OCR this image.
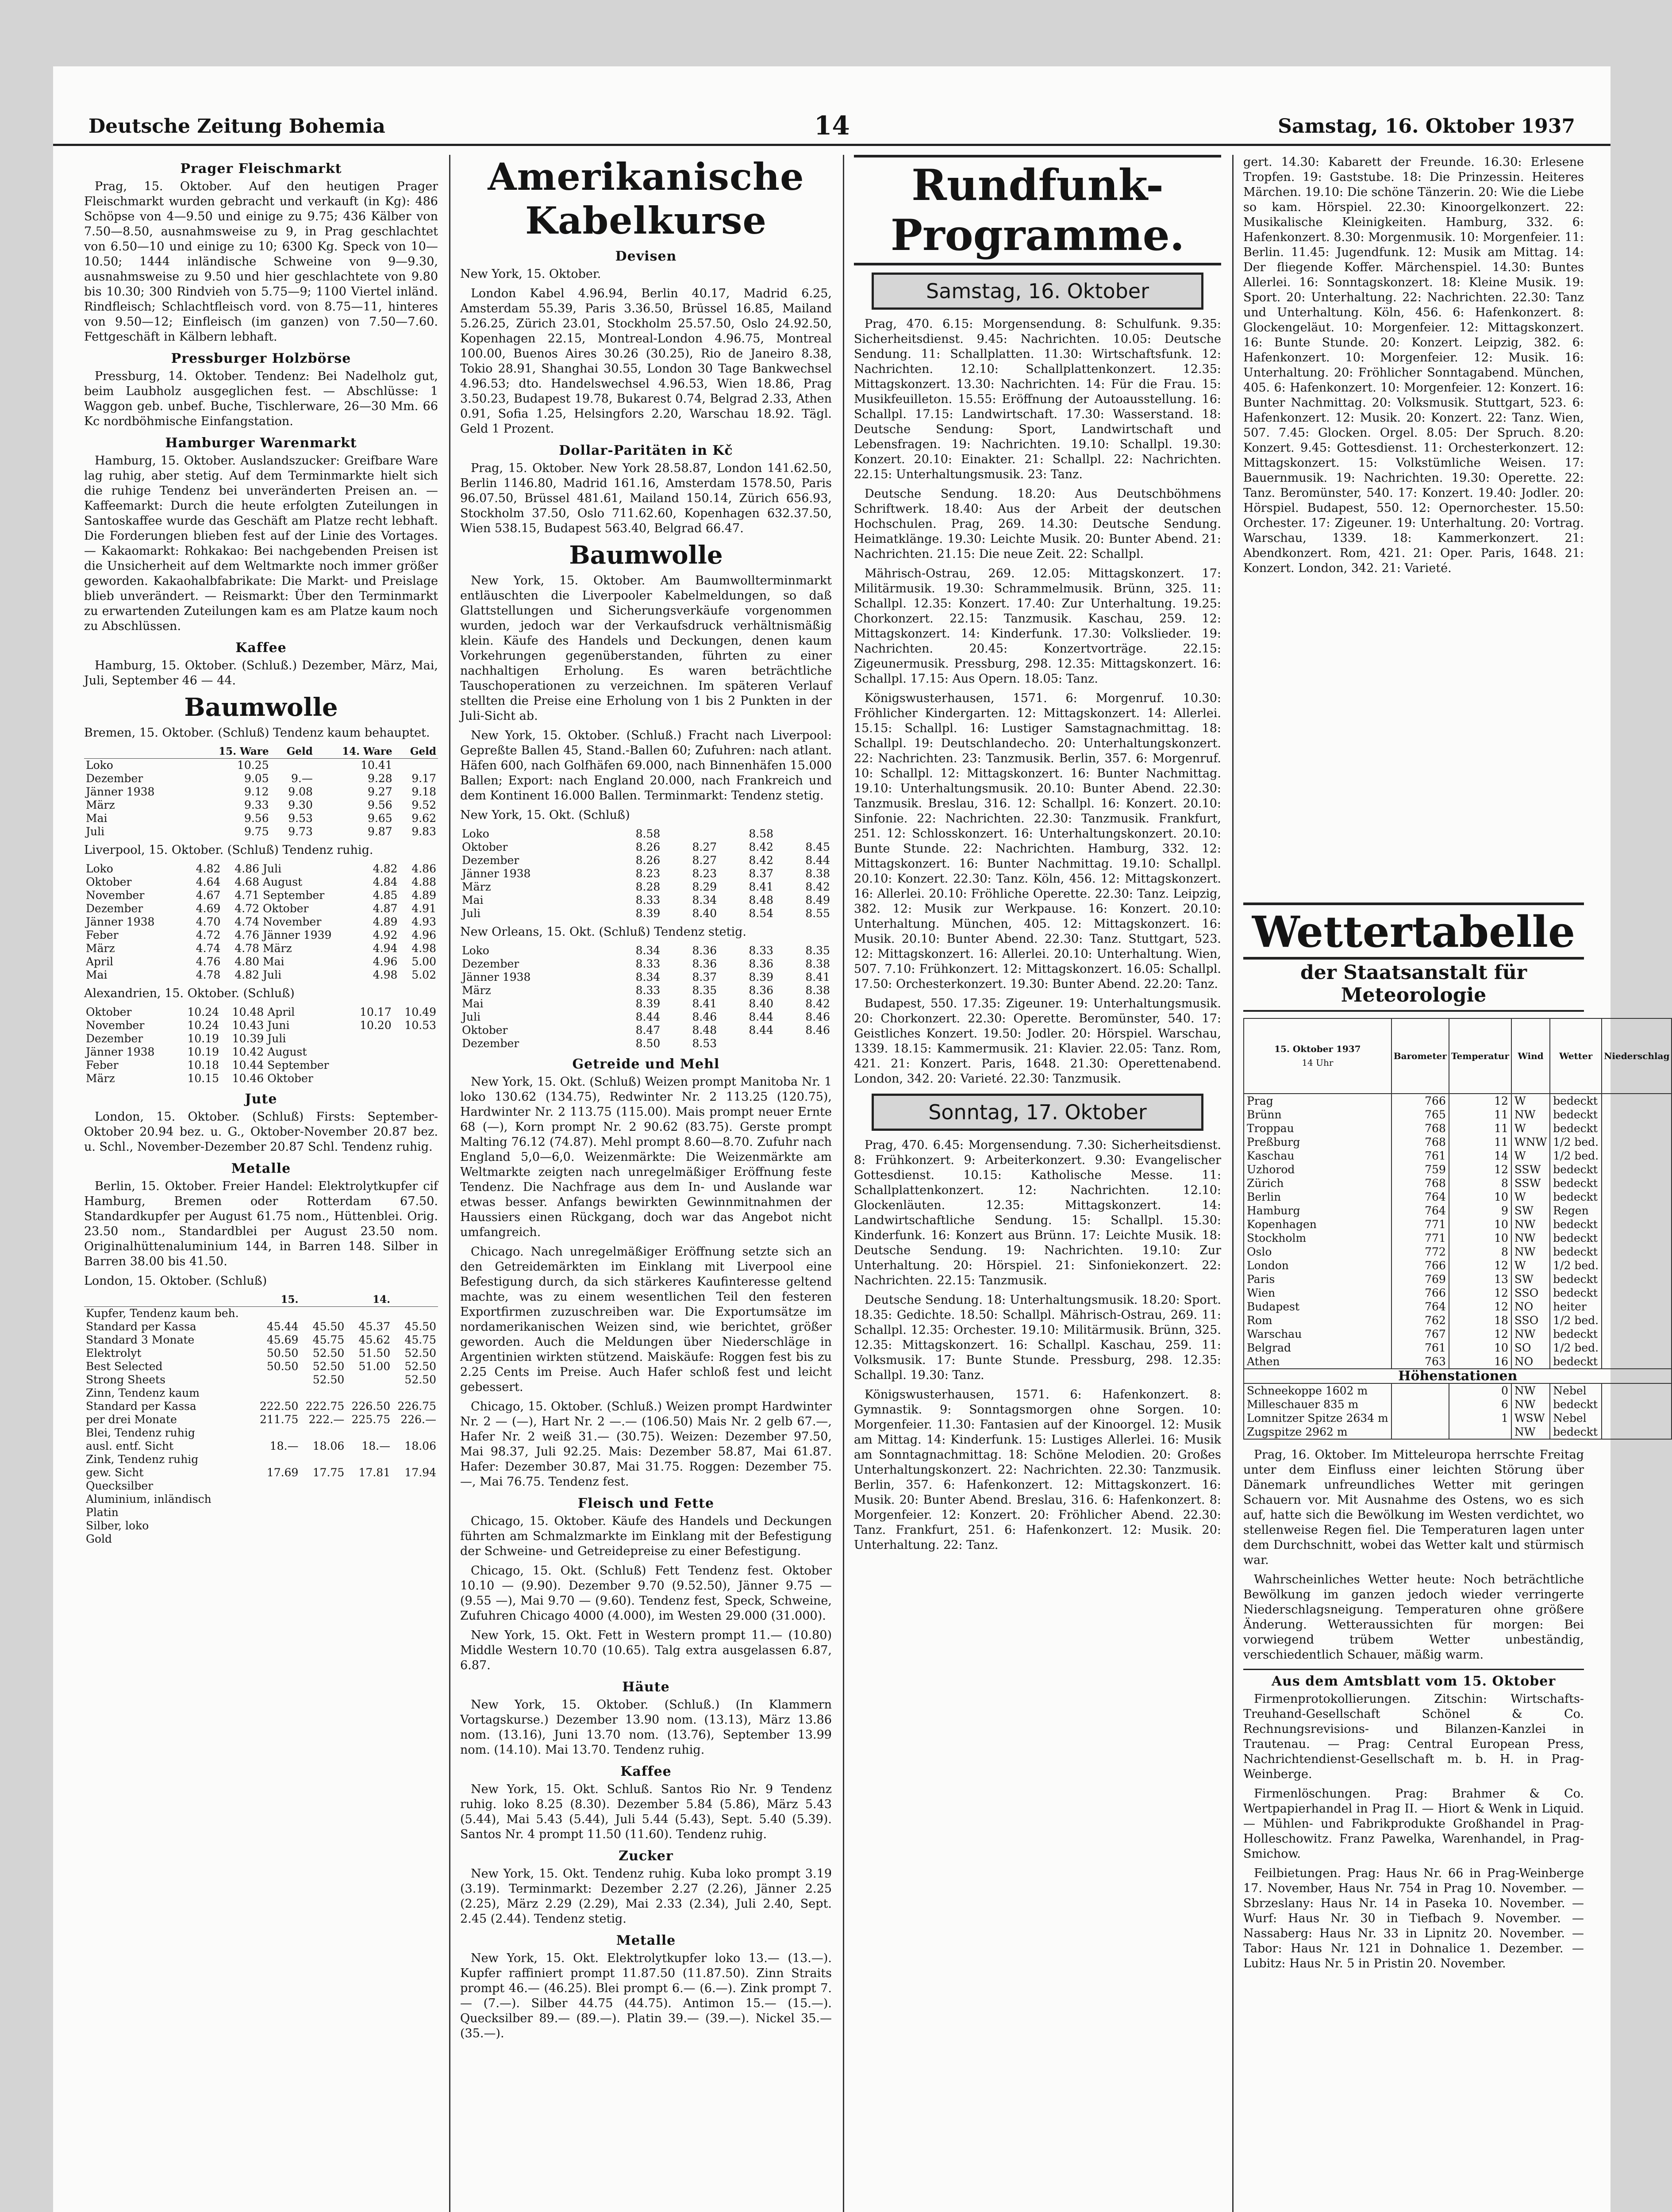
Deutsche Zeitung Bohemia	14	Samstag, 16. Oktober 1937
Prager Fleischmarkt

Prag, 15. Oktober. Auf den heutigen Prager Fleischmarkt wurden gebracht und verkauft (in Kg): 486 Schöpse von 4—9.50 und einige zu 9.75; 436 Kälber von 7.50—8.50, ausnahmsweise zu 9, in Prag geschlachtet von 6.50—10 und einige zu 10; 6300 Kg. Speck von 10—10.50; 1444 inländische Schweine von 9—9.30, ausnahmsweise zu 9.50 und hier geschlachtete von 9.80 bis 10.30; 300 Rindvieh von 5.75—9; 1100 Viertel inländ. Rindfleisch; Schlachtfleisch vord. von 8.75—11, hinteres von 9.50—12; Einfleisch (im ganzen) von 7.50—7.60. Fettgeschäft in Kälbern lebhaft.

Pressburger Holzbörse

Pressburg, 14. Oktober. Tendenz: Bei Nadelholz gut, beim Laubholz ausgeglichen fest. — Abschlüsse: 1 Waggon geb. unbef. Buche, Tischlerware, 26—30 Mm. 66 Kc nordböhmische Einfangstation.

Hamburger Warenmarkt

Hamburg, 15. Oktober. Auslandszucker: Greifbare Ware lag ruhig, aber stetig. Auf dem Terminmarkte hielt sich die ruhige Tendenz bei unveränderten Preisen an. — Kaffeemarkt: Durch die heute erfolgten Zuteilungen in Santoskaffee wurde das Geschäft am Platze recht lebhaft. Die Forderungen blieben fest auf der Linie des Vortages. — Kakaomarkt: Rohkakao: Bei nachgebenden Preisen ist die Unsicherheit auf dem Weltmarkte noch immer größer geworden. Kakaohalbfabrikate: Die Markt- und Preislage blieb unverändert. — Reismarkt: Über den Terminmarkt zu erwartenden Zuteilungen kam es am Platze kaum noch zu Abschlüssen.

Kaffee

Hamburg, 15. Oktober. (Schluß.) Dezember, März, Mai, Juli, September 46 — 44.

Baumwolle

Bremen, 15. Oktober. (Schluß) Tendenz kaum behauptet.

	15. Ware	Geld	14. Ware	Geld
Loko	10.25		10.41	
Dezember	9.05	9.—	9.28	9.17
Jänner 1938	9.12	9.08	9.27	9.18
März	9.33	9.30	9.56	9.52
Mai	9.56	9.53	9.65	9.62
Juli	9.75	9.73	9.87	9.83

Liverpool, 15. Oktober. (Schluß) Tendenz ruhig.

Loko	4.82	4.86	Juli	4.82	4.86
Oktober	4.64	4.68	August	4.84	4.88
November	4.67	4.71	September	4.85	4.89
Dezember	4.69	4.72	Oktober	4.87	4.91
Jänner 1938	4.70	4.74	November	4.89	4.93
Feber	4.72	4.76	Jänner 1939	4.92	4.96
März	4.74	4.78	März	4.94	4.98
April	4.76	4.80	Mai	4.96	5.00
Mai	4.78	4.82	Juli	4.98	5.02

Alexandrien, 15. Oktober. (Schluß)

Oktober	10.24	10.48	April	10.17	10.49
November	10.24	10.43	Juni	10.20	10.53
Dezember	10.19	10.39	Juli		
Jänner 1938	10.19	10.42	August		
Feber	10.18	10.44	September		
März	10.15	10.46	Oktober		
Jute

London, 15. Oktober. (Schluß) Firsts: September-Oktober 20.94 bez. u. G., Oktober-November 20.87 bez. u. Schl., November-Dezember 20.87 Schl. Tendenz ruhig.

Metalle

Berlin, 15. Oktober. Freier Handel: Elektrolytkupfer cif Hamburg, Bremen oder Rotterdam 67.50. Standardkupfer per August 61.75 nom., Hüttenblei. Orig. 23.50 nom., Standardblei per August 23.50 nom. Originalhüttenaluminium 144, in Barren 148. Silber in Barren 38.00 bis 41.50.

London, 15. Oktober. (Schluß)

	15.		14.	
Kupfer, Tendenz kaum beh.				
Standard per Kassa	45.44	45.50	45.37	45.50
Standard 3 Monate	45.69	45.75	45.62	45.75
Elektrolyt	50.50	52.50	51.50	52.50
Best Selected	50.50	52.50	51.00	52.50
Strong Sheets		52.50		52.50
Zinn, Tendenz kaum				
Standard per Kassa	222.50	222.75	226.50	226.75
per drei Monate	211.75	222.—	225.75	226.—
Blei, Tendenz ruhig				
ausl. entf. Sicht	18.—	18.06	18.—	18.06
Zink, Tendenz ruhig				
gew. Sicht	17.69	17.75	17.81	17.94
Quecksilber				
Aluminium, inländisch				
Platin				
Silber, loko				
Gold				
Amerikanische Kabelkurse
Devisen

New York, 15. Oktober.

London Kabel 4.96.94, Berlin 40.17, Madrid 6.25, Amsterdam 55.39, Paris 3.36.50, Brüssel 16.85, Mailand 5.26.25, Zürich 23.01, Stockholm 25.57.50, Oslo 24.92.50, Kopenhagen 22.15, Montreal-London 4.96.75, Montreal 100.00, Buenos Aires 30.26 (30.25), Rio de Janeiro 8.38, Tokio 28.91, Shanghai 30.55, London 30 Tage Bankwechsel 4.96.53; dto. Handelswechsel 4.96.53, Wien 18.86, Prag 3.50.23, Budapest 19.78, Bukarest 0.74, Belgrad 2.33, Athen 0.91, Sofia 1.25, Helsingfors 2.20, Warschau 18.92. Tägl. Geld 1 Prozent.

Dollar-Paritäten in Kč

Prag, 15. Oktober. New York 28.58.87, London 141.62.50, Berlin 1146.80, Madrid 161.16, Amsterdam 1578.50, Paris 96.07.50, Brüssel 481.61, Mailand 150.14, Zürich 656.93, Stockholm 37.50, Oslo 711.62.60, Kopenhagen 632.37.50, Wien 538.15, Budapest 563.40, Belgrad 66.47.

Baumwolle

New York, 15. Oktober. Am Baumwollterminmarkt entläuschten die Liverpooler Kabelmeldungen, so daß Glattstellungen und Sicherungsverkäufe vorgenommen wurden, jedoch war der Verkaufsdruck verhältnismäßig klein. Käufe des Handels und Deckungen, denen kaum Vorkehrungen gegenüberstanden, führten zu einer nachhaltigen Erholung. Es waren beträchtliche Tauschoperationen zu verzeichnen. Im späteren Verlauf stellten die Preise eine Erholung von 1 bis 2 Punkten in der Juli-Sicht ab.

New York, 15. Oktober. (Schluß.) Fracht nach Liverpool: Gepreßte Ballen 45, Stand.-Ballen 60; Zufuhren: nach atlant. Häfen 600, nach Golfhäfen 69.000, nach Binnenhäfen 15.000 Ballen; Export: nach England 20.000, nach Frankreich und dem Kontinent 16.000 Ballen. Terminmarkt: Tendenz stetig.

New York, 15. Okt. (Schluß)

Loko	8.58		8.58	
Oktober	8.26	8.27	8.42	8.45
Dezember	8.26	8.27	8.42	8.44
Jänner 1938	8.23	8.23	8.37	8.38
März	8.28	8.29	8.41	8.42
Mai	8.33	8.34	8.48	8.49
Juli	8.39	8.40	8.54	8.55

New Orleans, 15. Okt. (Schluß) Tendenz stetig.

Loko	8.34	8.36	8.33	8.35
Dezember	8.33	8.36	8.36	8.38
Jänner 1938	8.34	8.37	8.39	8.41
März	8.33	8.35	8.36	8.38
Mai	8.39	8.41	8.40	8.42
Juli	8.44	8.46	8.44	8.46
Oktober	8.47	8.48	8.44	8.46
Dezember	8.50	8.53		
Getreide und Mehl

New York, 15. Okt. (Schluß) Weizen prompt Manitoba Nr. 1 loko 130.62 (134.75), Redwinter Nr. 2 113.25 (120.75), Hardwinter Nr. 2 113.75 (115.00). Mais prompt neuer Ernte 68 (—), Korn prompt Nr. 2 90.62 (83.75). Gerste prompt Malting 76.12 (74.87). Mehl prompt 8.60—8.70. Zufuhr nach England 5,0—6,0. Weizenmärkte: Die Weizenmärkte am Weltmarkte zeigten nach unregelmäßiger Eröffnung feste Tendenz. Die Nachfrage aus dem In- und Auslande war etwas besser. Anfangs bewirkten Gewinnmitnahmen der Haussiers einen Rückgang, doch war das Angebot nicht umfangreich.

Chicago. Nach unregelmäßiger Eröffnung setzte sich an den Getreidemärkten im Einklang mit Liverpool eine Befestigung durch, da sich stärkeres Kaufinteresse geltend machte, was zu einem wesentlichen Teil den festeren Exportfirmen zuzuschreiben war. Die Exportumsätze im nordamerikanischen Weizen sind, wie berichtet, größer geworden. Auch die Meldungen über Niederschläge in Argentinien wirkten stützend. Maiskäufe: Roggen fest bis zu 2.25 Cents im Preise. Auch Hafer schloß fest und leicht gebessert.

Chicago, 15. Oktober. (Schluß.) Weizen prompt Hardwinter Nr. 2 — (—), Hart Nr. 2 —.— (106.50) Mais Nr. 2 gelb 67.—, Hafer Nr. 2 weiß 31.— (30.75). Weizen: Dezember 97.50, Mai 98.37, Juli 92.25. Mais: Dezember 58.87, Mai 61.87. Hafer: Dezember 30.87, Mai 31.75. Roggen: Dezember 75.—, Mai 76.75. Tendenz fest.

Fleisch und Fette

Chicago, 15. Oktober. Käufe des Handels und Deckungen führten am Schmalzmarkte im Einklang mit der Befestigung der Schweine- und Getreidepreise zu einer Befestigung.

Chicago, 15. Okt. (Schluß) Fett Tendenz fest. Oktober 10.10 — (9.90). Dezember 9.70 (9.52.50), Jänner 9.75 — (9.55 —), Mai 9.70 — (9.60). Tendenz fest, Speck, Schweine, Zufuhren Chicago 4000 (4.000), im Westen 29.000 (31.000).

New York, 15. Okt. Fett in Western prompt 11.— (10.80) Middle Western 10.70 (10.65). Talg extra ausgelassen 6.87, 6.87.

Häute

New York, 15. Oktober. (Schluß.) (In Klammern Vortagskurse.) Dezember 13.90 nom. (13.13), März 13.86 nom. (13.16), Juni 13.70 nom. (13.76), September 13.99 nom. (14.10). Mai 13.70. Tendenz ruhig.

Kaffee

New York, 15. Okt. Schluß. Santos Rio Nr. 9 Tendenz ruhig. loko 8.25 (8.30). Dezember 5.84 (5.86), März 5.43 (5.44), Mai 5.43 (5.44), Juli 5.44 (5.43), Sept. 5.40 (5.39). Santos Nr. 4 prompt 11.50 (11.60). Tendenz ruhig.

Zucker

New York, 15. Okt. Tendenz ruhig. Kuba loko prompt 3.19 (3.19). Terminmarkt: Dezember 2.27 (2.26), Jänner 2.25 (2.25), März 2.29 (2.29), Mai 2.33 (2.34), Juli 2.40, Sept. 2.45 (2.44). Tendenz stetig.

Metalle

New York, 15. Okt. Elektrolytkupfer loko 13.— (13.—). Kupfer raffiniert prompt 11.87.50 (11.87.50). Zinn Straits prompt 46.— (46.25). Blei prompt 6.— (6.—). Zink prompt 7.— (7.—). Silber 44.75 (44.75). Antimon 15.— (15.—). Quecksilber 89.— (89.—). Platin 39.— (39.—). Nickel 35.— (35.—).

Rundfunk-Programme.
Samstag, 16. Oktober

Prag, 470. 6.15: Morgensendung. 8: Schulfunk. 9.35: Sicherheitsdienst. 9.45: Nachrichten. 10.05: Deutsche Sendung. 11: Schallplatten. 11.30: Wirtschaftsfunk. 12: Nachrichten. 12.10: Schallplattenkonzert. 12.35: Mittagskonzert. 13.30: Nachrichten. 14: Für die Frau. 15: Musikfeuilleton. 15.55: Eröffnung der Autoausstellung. 16: Schallpl. 17.15: Landwirtschaft. 17.30: Wasserstand. 18: Deutsche Sendung: Sport, Landwirtschaft und Lebensfragen. 19: Nachrichten. 19.10: Schallpl. 19.30: Konzert. 20.10: Einakter. 21: Schallpl. 22: Nachrichten. 22.15: Unterhaltungsmusik. 23: Tanz.

Deutsche Sendung. 18.20: Aus Deutschböhmens Schriftwerk. 18.40: Aus der Arbeit der deutschen Hochschulen. Prag, 269. 14.30: Deutsche Sendung. Heimatklänge. 19.30: Leichte Musik. 20: Bunter Abend. 21: Nachrichten. 21.15: Die neue Zeit. 22: Schallpl.

Mährisch-Ostrau, 269. 12.05: Mittagskonzert. 17: Militärmusik. 19.30: Schrammelmusik. Brünn, 325. 11: Schallpl. 12.35: Konzert. 17.40: Zur Unterhaltung. 19.25: Chorkonzert. 22.15: Tanzmusik. Kaschau, 259. 12: Mittagskonzert. 14: Kinderfunk. 17.30: Volkslieder. 19: Nachrichten. 20.45: Konzertvorträge. 22.15: Zigeunermusik. Pressburg, 298. 12.35: Mittagskonzert. 16: Schallpl. 17.15: Aus Opern. 18.05: Tanz.

Königswusterhausen, 1571. 6: Morgenruf. 10.30: Fröhlicher Kindergarten. 12: Mittagskonzert. 14: Allerlei. 15.15: Schallpl. 16: Lustiger Samstagnachmittag. 18: Schallpl. 19: Deutschlandecho. 20: Unterhaltungskonzert. 22: Nachrichten. 23: Tanzmusik. Berlin, 357. 6: Morgenruf. 10: Schallpl. 12: Mittagskonzert. 16: Bunter Nachmittag. 19.10: Unterhaltungsmusik. 20.10: Bunter Abend. 22.30: Tanzmusik. Breslau, 316. 12: Schallpl. 16: Konzert. 20.10: Sinfonie. 22: Nachrichten. 22.30: Tanzmusik. Frankfurt, 251. 12: Schlosskonzert. 16: Unterhaltungskonzert. 20.10: Bunte Stunde. 22: Nachrichten. Hamburg, 332. 12: Mittagskonzert. 16: Bunter Nachmittag. 19.10: Schallpl. 20.10: Konzert. 22.30: Tanz. Köln, 456. 12: Mittagskonzert. 16: Allerlei. 20.10: Fröhliche Operette. 22.30: Tanz. Leipzig, 382. 12: Musik zur Werkpause. 16: Konzert. 20.10: Unterhaltung. München, 405. 12: Mittagskonzert. 16: Musik. 20.10: Bunter Abend. 22.30: Tanz. Stuttgart, 523. 12: Mittagskonzert. 16: Allerlei. 20.10: Unterhaltung. Wien, 507. 7.10: Frühkonzert. 12: Mittagskonzert. 16.05: Schallpl. 17.50: Orchesterkonzert. 19.30: Bunter Abend. 22.20: Tanz.

Budapest, 550. 17.35: Zigeuner. 19: Unterhaltungsmusik. 20: Chorkonzert. 22.30: Operette. Beromünster, 540. 17: Geistliches Konzert. 19.50: Jodler. 20: Hörspiel. Warschau, 1339. 18.15: Kammermusik. 21: Klavier. 22.05: Tanz. Rom, 421. 21: Konzert. Paris, 1648. 21.30: Operettenabend. London, 342. 20: Varieté. 22.30: Tanzmusik.

Sonntag, 17. Oktober

Prag, 470. 6.45: Morgensendung. 7.30: Sicherheitsdienst. 8: Frühkonzert. 9: Arbeiterkonzert. 9.30: Evangelischer Gottesdienst. 10.15: Katholische Messe. 11: Schallplattenkonzert. 12: Nachrichten. 12.10: Glockenläuten. 12.35: Mittagskonzert. 14: Landwirtschaftliche Sendung. 15: Schallpl. 15.30: Kinderfunk. 16: Konzert aus Brünn. 17: Leichte Musik. 18: Deutsche Sendung. 19: Nachrichten. 19.10: Zur Unterhaltung. 20: Hörspiel. 21: Sinfoniekonzert. 22: Nachrichten. 22.15: Tanzmusik.

Deutsche Sendung. 18: Unterhaltungsmusik. 18.20: Sport. 18.35: Gedichte. 18.50: Schallpl. Mährisch-Ostrau, 269. 11: Schallpl. 12.35: Orchester. 19.10: Militärmusik. Brünn, 325. 12.35: Mittagskonzert. 16: Schallpl. Kaschau, 259. 11: Volksmusik. 17: Bunte Stunde. Pressburg, 298. 12.35: Schallpl. 19.30: Tanz.

Königswusterhausen, 1571. 6: Hafenkonzert. 8: Gymnastik. 9: Sonntagsmorgen ohne Sorgen. 10: Morgenfeier. 11.30: Fantasien auf der Kinoorgel. 12: Musik am Mittag. 14: Kinderfunk. 15: Lustiges Allerlei. 16: Musik am Sonntagnachmittag. 18: Schöne Melodien. 20: Großes Unterhaltungskonzert. 22: Nachrichten. 22.30: Tanzmusik. Berlin, 357. 6: Hafenkonzert. 12: Mittagskonzert. 16: Musik. 20: Bunter Abend. Breslau, 316. 6: Hafenkonzert. 8: Morgenfeier. 12: Konzert. 20: Fröhlicher Abend. 22.30: Tanz. Frankfurt, 251. 6: Hafenkonzert. 12: Musik. 20: Unterhaltung. 22: Tanz.

gert. 14.30: Kabarett der Freunde. 16.30: Erlesene Tropfen. 19: Gaststube. 18: Die Prinzessin. Heiteres Märchen. 19.10: Die schöne Tänzerin. 20: Wie die Liebe so kam. Hörspiel. 22.30: Kinoorgelkonzert. 22: Musikalische Kleinigkeiten. Hamburg, 332. 6: Hafenkonzert. 8.30: Morgenmusik. 10: Morgenfeier. 11: Berlin. 11.45: Jugendfunk. 12: Musik am Mittag. 14: Der fliegende Koffer. Märchenspiel. 14.30: Buntes Allerlei. 16: Sonntagskonzert. 18: Kleine Musik. 19: Sport. 20: Unterhaltung. 22: Nachrichten. 22.30: Tanz und Unterhaltung. Köln, 456. 6: Hafenkonzert. 8: Glockengeläut. 10: Morgenfeier. 12: Mittagskonzert. 16: Bunte Stunde. 20: Konzert. Leipzig, 382. 6: Hafenkonzert. 10: Morgenfeier. 12: Musik. 16: Unterhaltung. 20: Fröhlicher Sonntagabend. München, 405. 6: Hafenkonzert. 10: Morgenfeier. 12: Konzert. 16: Bunter Nachmittag. 20: Volksmusik. Stuttgart, 523. 6: Hafenkonzert. 12: Musik. 20: Konzert. 22: Tanz. Wien, 507. 7.45: Glocken. Orgel. 8.05: Der Spruch. 8.20: Konzert. 9.45: Gottesdienst. 11: Orchesterkonzert. 12: Mittagskonzert. 15: Volkstümliche Weisen. 17: Bauernmusik. 19: Nachrichten. 19.30: Operette. 22: Tanz. Beromünster, 540. 17: Konzert. 19.40: Jodler. 20: Hörspiel. Budapest, 550. 12: Opernorchester. 15.50: Orchester. 17: Zigeuner. 19: Unterhaltung. 20: Vortrag. Warschau, 1339. 18: Kammerkonzert. 21: Abendkonzert. Rom, 421. 21: Oper. Paris, 1648. 21: Konzert. London, 342. 21: Varieté.

Wettertabelle
der Staatsanstalt für Meteorologie
15. Oktober 1937
14 Uhr	Barometer	Temperatur	Wind	Wetter	Niederschlag
Prag	766	12	W	bedeckt	
Brünn	765	11	NW	bedeckt	
Troppau	768	11	W	bedeckt	
Preßburg	768	11	WNW	1/2 bed.	
Kaschau	761	14	W	1/2 bed.	
Uzhorod	759	12	SSW	bedeckt	
Zürich	768	8	SSW	bedeckt	
Berlin	764	10	W	bedeckt	
Hamburg	764	9	SW	Regen	
Kopenhagen	771	10	NW	bedeckt	
Stockholm	771	10	NW	bedeckt	
Oslo	772	8	NW	bedeckt	
London	766	12	W	1/2 bed.	
Paris	769	13	SW	bedeckt	
Wien	766	12	SSO	bedeckt	
Budapest	764	12	NO	heiter	
Rom	762	18	SSO	1/2 bed.	
Warschau	767	12	NW	bedeckt	
Belgrad	761	10	SO	1/2 bed.	
Athen	763	16	NO	bedeckt	
Höhenstationen					
Schneekoppe 1602 m		0	NW	Nebel	
Milleschauer 835 m		6	NW	bedeckt	
Lomnitzer Spitze 2634 m		1	WSW	Nebel	
Zugspitze 2962 m			NW	bedeckt	

Prag, 16. Oktober. Im Mitteleuropa herrschte Freitag unter dem Einfluss einer leichten Störung über Dänemark unfreundliches Wetter mit geringen Schauern vor. Mit Ausnahme des Ostens, wo es sich auf, hatte sich die Bewölkung im Westen verdichtet, wo stellenweise Regen fiel. Die Temperaturen lagen unter dem Durchschnitt, wobei das Wetter kalt und stürmisch war.

Wahrscheinliches Wetter heute: Noch beträchtliche Bewölkung im ganzen jedoch wieder verringerte Niederschlagsneigung. Temperaturen ohne größere Änderung. Wetteraussichten für morgen: Bei vorwiegend trübem Wetter unbeständig, verschiedentlich Schauer, mäßig warm.

Aus dem Amtsblatt vom 15. Oktober

Firmenprotokollierungen. Zitschin: Wirtschafts-Treuhand-Gesellschaft Schönel & Co. Rechnungsrevisions- und Bilanzen-Kanzlei in Trautenau. — Prag: Central European Press, Nachrichtendienst-Gesellschaft m. b. H. in Prag-Weinberge.

Firmenlöschungen. Prag: Brahmer & Co. Wertpapierhandel in Prag II. — Hiort & Wenk in Liquid. — Mühlen- und Fabrikprodukte Großhandel in Prag-Holleschowitz. Franz Pawelka, Warenhandel, in Prag-Smichow.

Feilbietungen. Prag: Haus Nr. 66 in Prag-Weinberge 17. November, Haus Nr. 754 in Prag 10. November. — Sbrzeslany: Haus Nr. 14 in Paseka 10. November. — Wurf: Haus Nr. 30 in Tiefbach 9. November. — Nassaberg: Haus Nr. 33 in Lipnitz 20. November. — Tabor: Haus Nr. 121 in Dohnalice 1. Dezember. — Lubitz: Haus Nr. 5 in Pristin 20. November.
